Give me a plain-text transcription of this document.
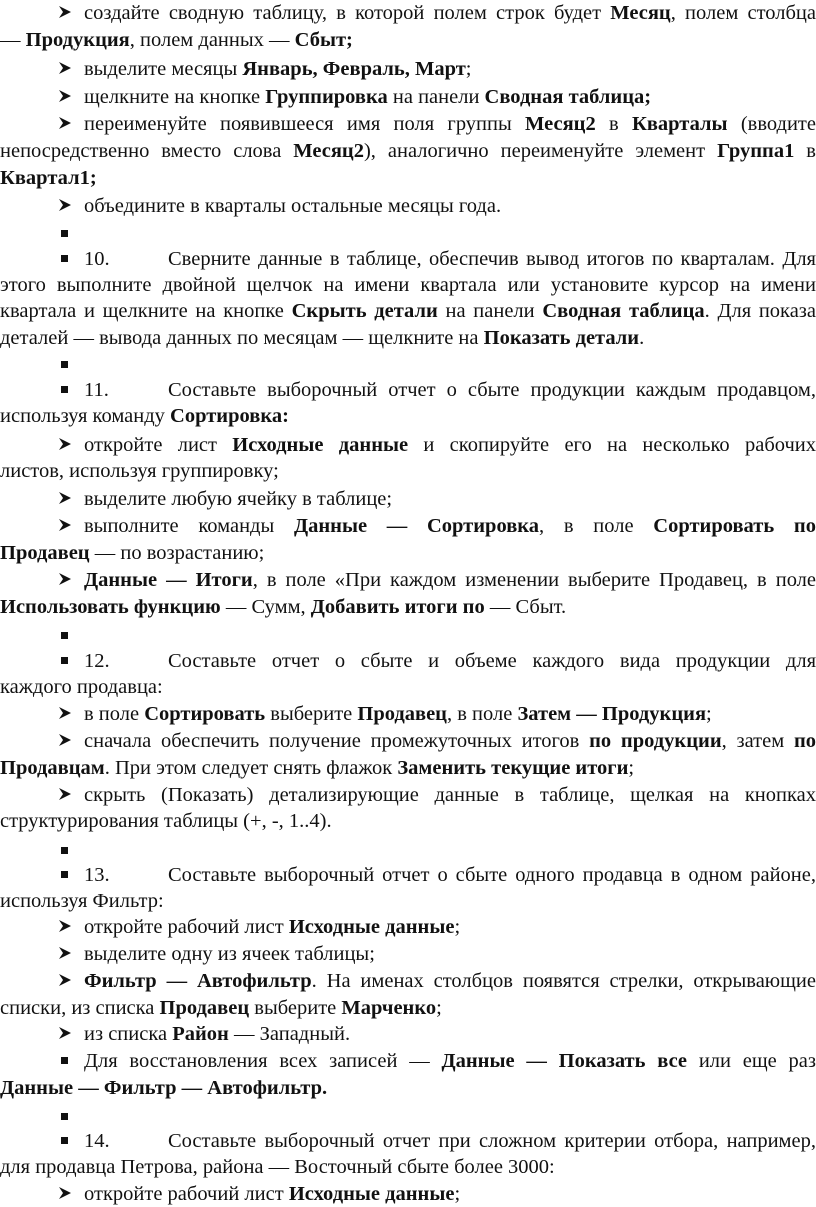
создайте сводную таблицу, в которой полем строк будет Месяц, полем столбца
— Продукция, полем данных — Сбыт;
выделите месяцы Январь, Февраль, Март;
щелкните на кнопке Группировка на панели Сводная таблица;
переименуйте появившееся имя поля группы Месяц2 в Кварталы (вводите
непосредственно вместо слова Месяц2), аналогично переименуйте элемент Группа1 в
Квартал1;
объедините в кварталы остальные месяцы года.
10.	Сверните данные в таблице, обеспечив вывод итогов по кварталам. Для
этого выполните двойной щелчок на имени квартала или установите курсор на имени
квартала и щелкните на кнопке Скрыть детали на панели Сводная таблица. Для показа
деталей — вывода данных по месяцам — щелкните на Показать детали.
11.	Составьте выборочный отчет о сбыте продукции каждым продавцом,
используя команду Сортировка:
откройте лист Исходные данные и скопируйте его на несколько рабочих
листов, используя группировку;
выделите любую ячейку в таблице;
выполните команды Данные — Сортировка, в поле Сортировать по
Продавец — по возрастанию;
Данные — Итоги, в поле «При каждом изменении выберите Продавец, в поле
Использовать функцию — Сумм, Добавить итоги по — Сбыт.
12.	Составьте отчет о сбыте и объеме каждого вида продукции для
каждого продавца:
в поле Сортировать выберите Продавец, в поле Затем — Продукция;
сначала обеспечить получение промежуточных итогов по продукции, затем по
Продавцам. При этом следует снять флажок Заменить текущие итоги;
скрыть (Показать) детализирующие данные в таблице, щелкая на кнопках
структурирования таблицы (+, -, 1..4).
13.	Составьте выборочный отчет о сбыте одного продавца в одном районе,
используя Фильтр:
откройте рабочий лист Исходные данные;
выделите одну из ячеек таблицы;
Фильтр — Автофильтр. На именах столбцов появятся стрелки, открывающие
списки, из списка Продавец выберите Марченко;
из списка Район — Западный.
Для восстановления всех записей — Данные — Показать все или еще раз
Данные — Фильтр — Автофильтр.
14.	Составьте выборочный отчет при сложном критерии отбора, например,
для продавца Петрова, района — Восточный сбыте более 3000:
откройте рабочий лист Исходные данные;
